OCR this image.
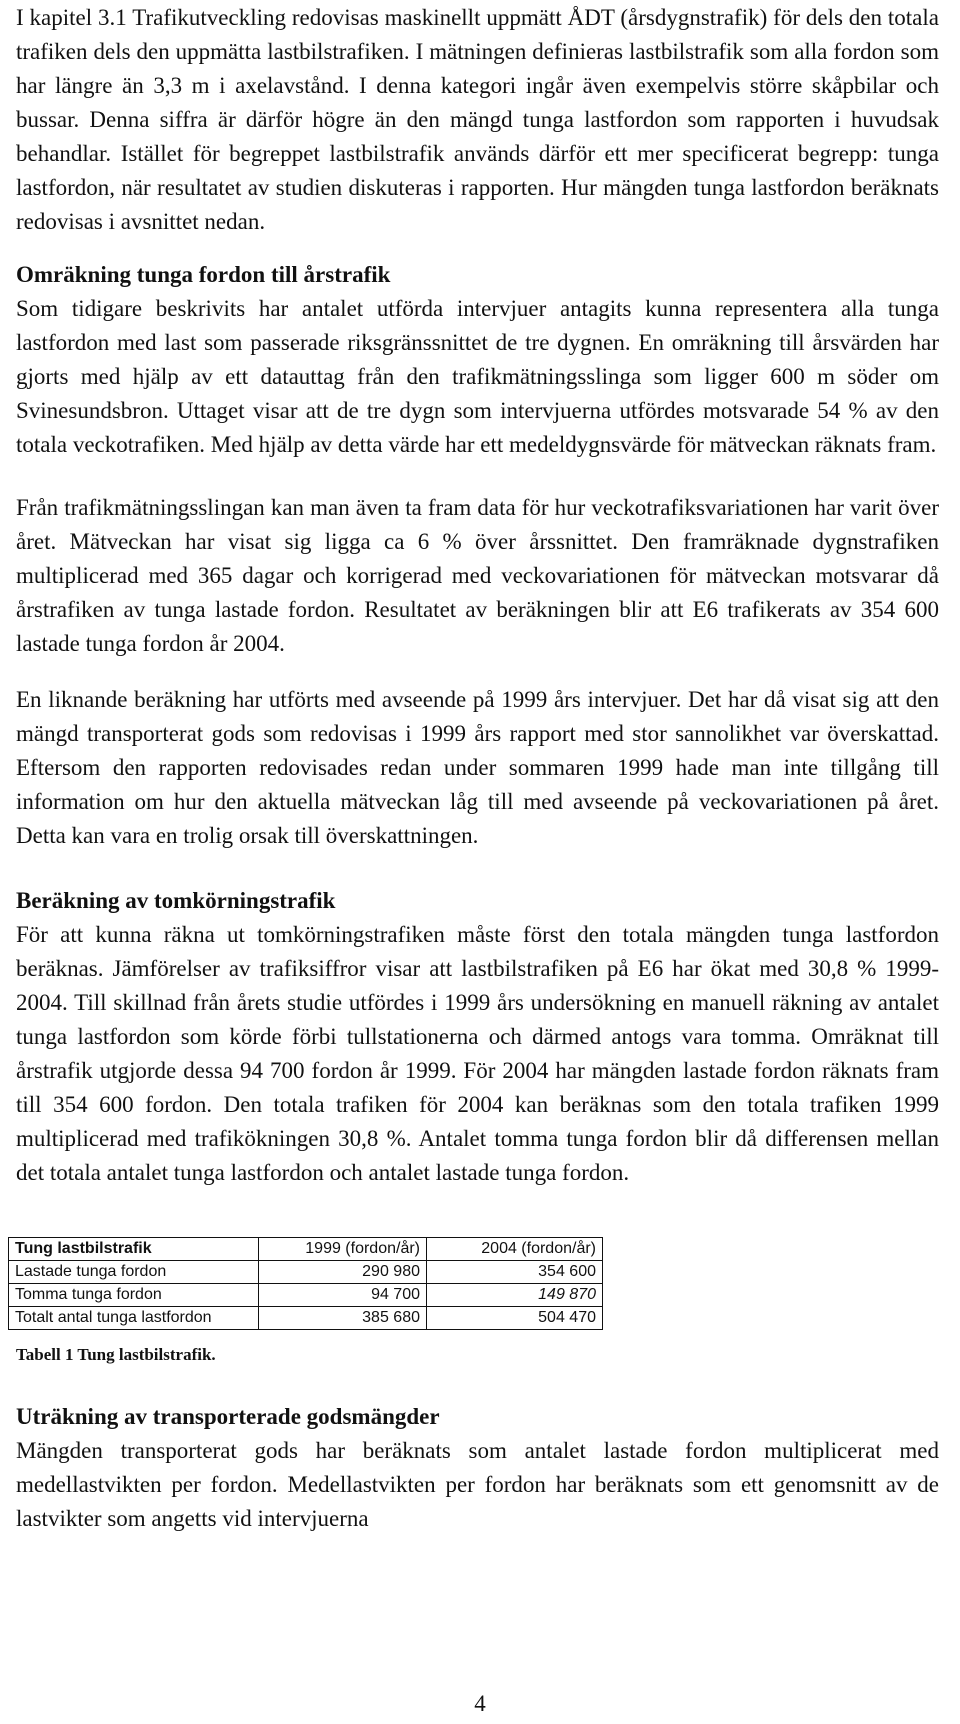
I kapitel 3.1 Trafikutveckling redovisas maskinellt uppmätt ÅDT (årsdygnstrafik) för dels den totala trafiken dels den uppmätta lastbilstrafiken. I mätningen definieras lastbilstrafik som alla fordon som har längre än 3,3 m i axelavstånd. I denna kategori ingår även exempelvis större skåpbilar och bussar. Denna siffra är därför högre än den mängd tunga lastfordon som rapporten i huvudsak behandlar. Istället för begreppet lastbilstrafik används därför ett mer specificerat begrepp: tunga lastfordon, när resultatet av studien diskuteras i rapporten. Hur mängden tunga lastfordon beräknats redovisas i avsnittet nedan.

Omräkning tunga fordon till årstrafik

Som tidigare beskrivits har antalet utförda intervjuer antagits kunna representera alla tunga lastfordon med last som passerade riksgränssnittet de tre dygnen. En omräkning till årsvärden har gjorts med hjälp av ett datauttag från den trafikmätningsslinga som ligger 600 m söder om Svinesundsbron. Uttaget visar att de tre dygn som intervjuerna utfördes motsvarade 54 % av den totala veckotrafiken. Med hjälp av detta värde har ett medeldygnsvärde för mätveckan räknats fram.

Från trafikmätningsslingan kan man även ta fram data för hur veckotrafiksvariationen har varit över året. Mätveckan har visat sig ligga ca 6 % över årssnittet. Den framräknade dygnstrafiken multiplicerad med 365 dagar och korrigerad med veckovariationen för mätveckan motsvarar då årstrafiken av tunga lastade fordon. Resultatet av beräkningen blir att E6 trafikerats av 354 600 lastade tunga fordon år 2004.

En liknande beräkning har utförts med avseende på 1999 års intervjuer. Det har då visat sig att den mängd transporterat gods som redovisas i 1999 års rapport med stor sannolikhet var överskattad. Eftersom den rapporten redovisades redan under sommaren 1999 hade man inte tillgång till information om hur den aktuella mätveckan låg till med avseende på veckovariationen på året. Detta kan vara en trolig orsak till överskattningen.

Beräkning av tomkörningstrafik

För att kunna räkna ut tomkörningstrafiken måste först den totala mängden tunga lastfordon beräknas. Jämförelser av trafiksiffror visar att lastbilstrafiken på E6 har ökat med 30,8 % 1999-2004. Till skillnad från årets studie utfördes i 1999 års undersökning en manuell räkning av antalet tunga lastfordon som körde förbi tullstationerna och därmed antogs vara tomma. Omräknat till årstrafik utgjorde dessa 94 700 fordon år 1999. För 2004 har mängden lastade fordon räknats fram till 354 600 fordon. Den totala trafiken för 2004 kan beräknas som den totala trafiken 1999 multiplicerad med trafikökningen 30,8 %. Antalet tomma tunga fordon blir då differensen mellan det totala antalet tunga lastfordon och antalet lastade tunga fordon.

Tung lastbilstrafik	1999 (fordon/år)	2004 (fordon/år)
Lastade tunga fordon	290 980	354 600
Tomma tunga fordon	94 700	149 870
Totalt antal tunga lastfordon	385 680	504 470

Tabell 1 Tung lastbilstrafik.

Uträkning av transporterade godsmängder

Mängden transporterat gods har beräknats som antalet lastade fordon multiplicerat med medellastvikten per fordon. Medellastvikten per fordon har beräknats som ett genomsnitt av de lastvikter som angetts vid intervjuerna

4
